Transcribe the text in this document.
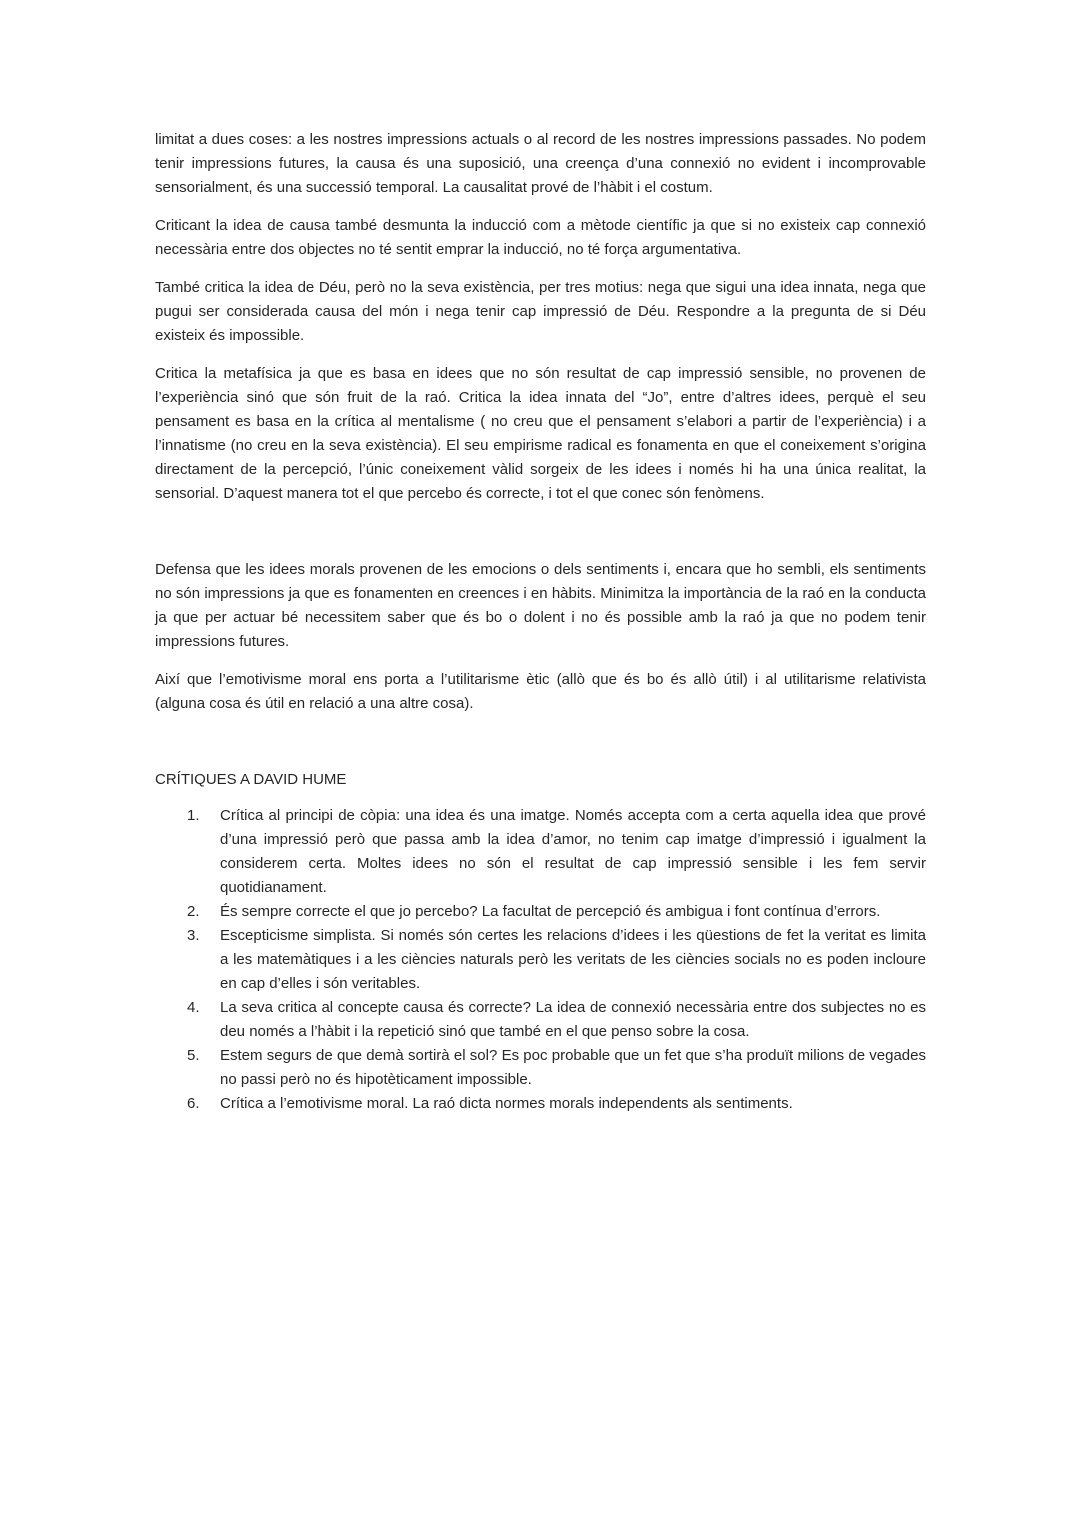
limitat a dues coses: a les nostres impressions actuals o al record de les nostres impressions passades. No podem tenir impressions futures, la causa és una suposició, una creença d’una connexió no evident i incomprovable sensorialment, és una successió temporal. La causalitat prové de l’hàbit i el costum.

Criticant la idea de causa també desmunta la inducció com a mètode científic ja que si no existeix cap connexió necessària entre dos objectes no té sentit emprar la inducció, no té força argumentativa.

També critica la idea de Déu, però no la seva existència, per tres motius: nega que sigui una idea innata, nega que pugui ser considerada causa del món i nega tenir cap impressió de Déu. Respondre a la pregunta de si Déu existeix és impossible.

Critica la metafísica ja que es basa en idees que no són resultat de cap impressió sensible, no provenen de l’experiència sinó que són fruit de la raó. Critica la idea innata del “Jo”, entre d’altres idees, perquè el seu pensament es basa en la crítica al mentalisme ( no creu que el pensament s’elabori a partir de l’experiència) i a l’innatisme (no creu en la seva existència). El seu empirisme radical es fonamenta en que el coneixement s’origina directament de la percepció, l’únic coneixement vàlid sorgeix de les idees i només hi ha una única realitat, la sensorial. D’aquest manera tot el que percebo és correcte, i tot el que conec són fenòmens.

Defensa que les idees morals provenen de les emocions o dels sentiments i, encara que ho sembli, els sentiments no són impressions ja que es fonamenten en creences i en hàbits. Minimitza la importància de la raó en la conducta ja que per actuar bé necessitem saber que és bo o dolent i no és possible amb la raó ja que no podem tenir impressions futures.

Així que l’emotivisme moral ens porta a l’utilitarisme ètic (allò que és bo és allò útil) i al utilitarisme relativista (alguna cosa és útil en relació a una altre cosa).

CRÍTIQUES A DAVID HUME

1. Crítica al principi de còpia: una idea és una imatge. Només accepta com a certa aquella idea que prové d’una impressió però que passa amb la idea d’amor, no tenim cap imatge d’impressió i igualment la considerem certa. Moltes idees no són el resultat de cap impressió sensible i les fem servir quotidianament.
2. És sempre correcte el que jo percebo? La facultat de percepció és ambigua i font contínua d’errors.
3. Escepticisme simplista. Si només són certes les relacions d’idees i les qüestions de fet la veritat es limita a les matemàtiques i a les ciències naturals però les veritats de les ciències socials no es poden incloure en cap d’elles i són veritables.
4. La seva critica al concepte causa és correcte? La idea de connexió necessària entre dos subjectes no es deu només a l’hàbit i la repetició sinó que també en el que penso sobre la cosa.
5. Estem segurs de que demà sortirà el sol? Es poc probable que un fet que s’ha produït milions de vegades no passi però no és hipotèticament impossible.
6. Crítica a l’emotivisme moral. La raó dicta normes morals independents als sentiments.
